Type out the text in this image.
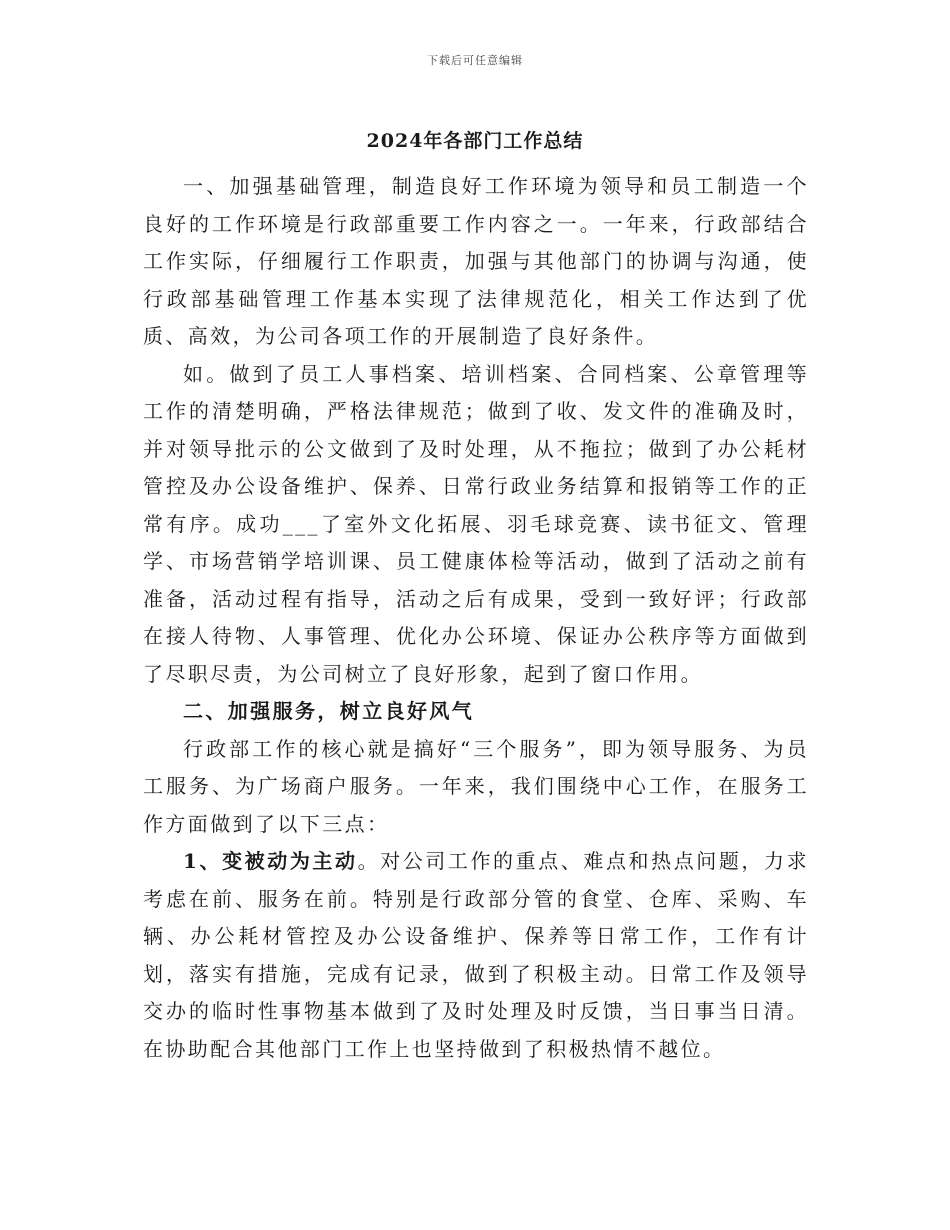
下载后可任意编辑
2024年各部门工作总结

一、加强基础管理，制造良好工作环境为领导和员工制造一个良好的工作环境是行政部重要工作内容之一。一年来，行政部结合工作实际，仔细履行工作职责，加强与其他部门的协调与沟通，使行政部基础管理工作基本实现了法律规范化，相关工作达到了优质、高效，为公司各项工作的开展制造了良好条件。

如。做到了员工人事档案、培训档案、合同档案、公章管理等工作的清楚明确，严格法律规范；做到了收、发文件的准确及时，并对领导批示的公文做到了及时处理，从不拖拉；做到了办公耗材管控及办公设备维护、保养、日常行政业务结算和报销等工作的正常有序。成功___了室外文化拓展、羽毛球竞赛、读书征文、管理学、市场营销学培训课、员工健康体检等活动，做到了活动之前有准备，活动过程有指导，活动之后有成果，受到一致好评；行政部在接人待物、人事管理、优化办公环境、保证办公秩序等方面做到了尽职尽责，为公司树立了良好形象，起到了窗口作用。

二、加强服务，树立良好风气

行政部工作的核心就是搞好“三个服务”，即为领导服务、为员工服务、为广场商户服务。一年来，我们围绕中心工作，在服务工作方面做到了以下三点：

1、变被动为主动。对公司工作的重点、难点和热点问题，力求考虑在前、服务在前。特别是行政部分管的食堂、仓库、采购、车辆、办公耗材管控及办公设备维护、保养等日常工作，工作有计划，落实有措施，完成有记录，做到了积极主动。日常工作及领导交办的临时性事物基本做到了及时处理及时反馈，当日事当日清。在协助配合其他部门工作上也坚持做到了积极热情不越位。
